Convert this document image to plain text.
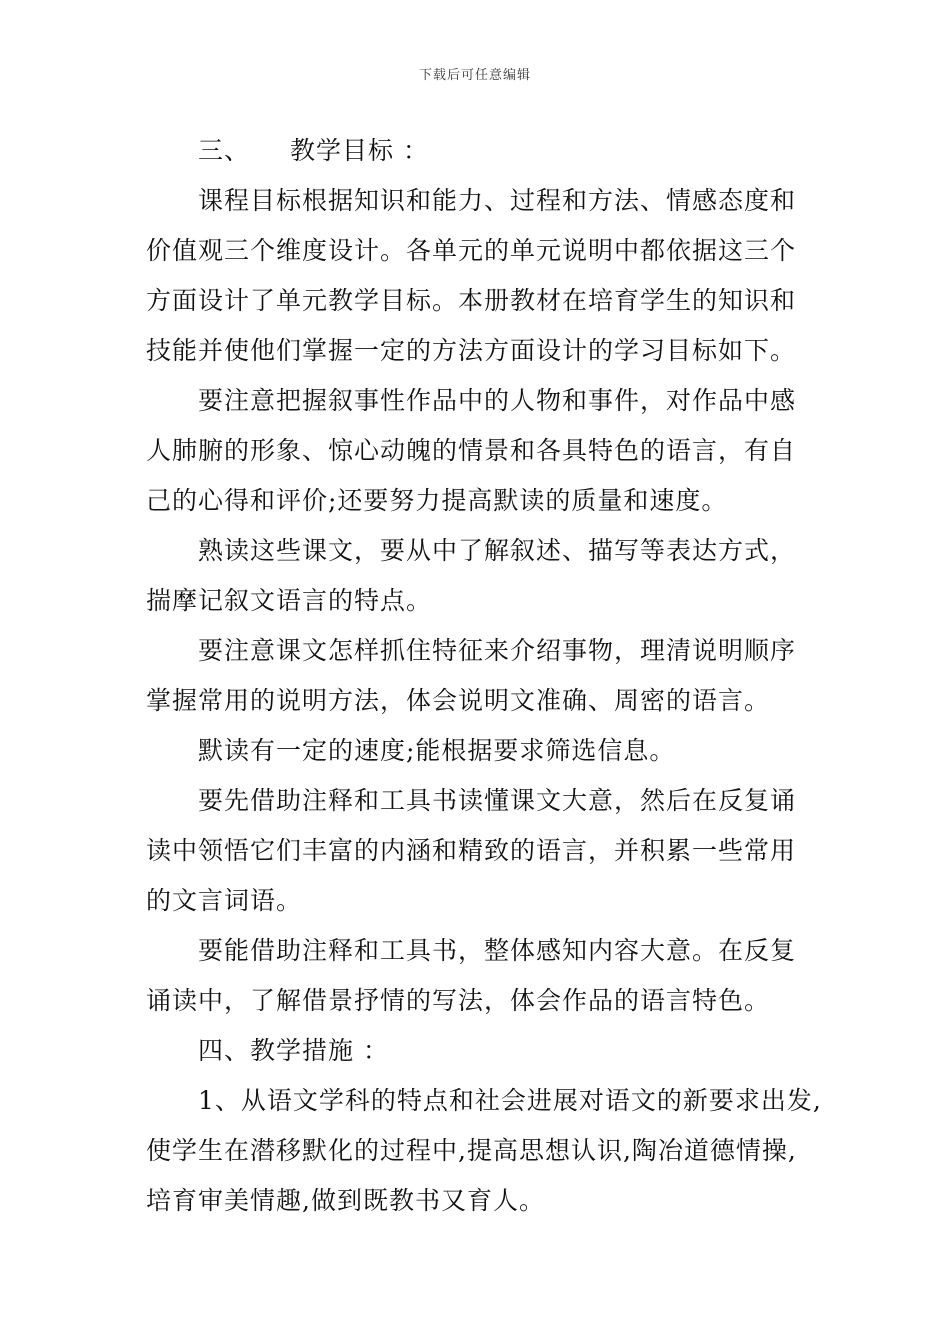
下载后可任意编辑
三、 教学目标 ：
课程目标根据知识和能力、过程和方法、情感态度和
价值观三个维度设计。各单元的单元说明中都依据这三个
方面设计了单元教学目标。本册教材在培育学生的知识和
技能并使他们掌握一定的方法方面设计的学习目标如下。
要注意把握叙事性作品中的人物和事件，对作品中感
人肺腑的形象、惊心动魄的情景和各具特色的语言，有自
己的心得和评价;还要努力提高默读的质量和速度。
熟读这些课文，要从中了解叙述、描写等表达方式，
揣摩记叙文语言的特点。
要注意课文怎样抓住特征来介绍事物，理清说明顺序
掌握常用的说明方法，体会说明文准确、周密的语言。
默读有一定的速度;能根据要求筛选信息。
要先借助注释和工具书读懂课文大意，然后在反复诵
读中领悟它们丰富的内涵和精致的语言，并积累一些常用
的文言词语。
要能借助注释和工具书，整体感知内容大意。在反复
诵读中，了解借景抒情的写法，体会作品的语言特色。
四、教学措施 ：
1、从语文学科的特点和社会进展对语文的新要求出发,
使学生在潜移默化的过程中,提高思想认识,陶冶道德情操,
培育审美情趣,做到既教书又育人。
